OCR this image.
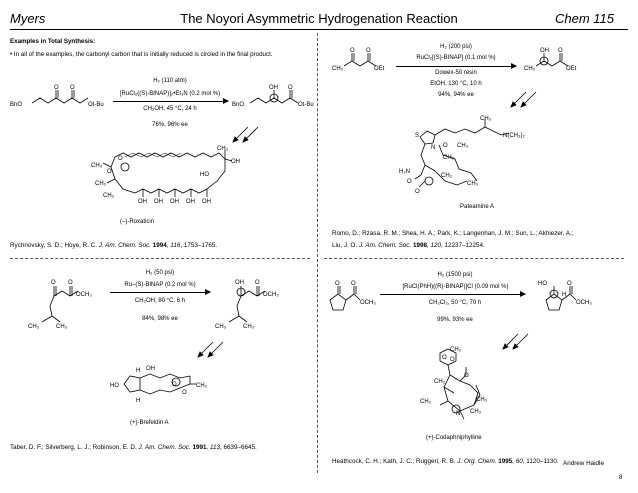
Myers	The Noyori Asymmetric Hydrogenation Reaction	Chem 115
Examples in Total Synthesis:
• In all of the examples, the carbonyl carbon that is initially reduced is circled in the final product.
BnO	Ot-Bu
O O
H₂ (110 atm)
[RuCl₂((S)-BINAP)]₂•Et₃N (0.2 mol %)
CH₃OH, 45 °C, 24 h
76%, 96% ee
BnO	Ot-Bu
OH O
CH₃
CH₃
CH₃
O
O
CH₃
OH
HO
OH OH OH OH OH
(–)-Roxaticin
Rychnovsky, S. D.; Hoye, R. C. J. Am. Chem. Soc. 1994, 116, 1753–1765.
CH₃	OEt
O O
H₂ (200 psi)
RuCl₂[(S)-BINAP] (0.1 mol %)
Dowex-50 resin
EtOH, 130 °C, 10 h
94%, 94% ee
CH₃	OEt
OH O
S
N
CH₃
N(CH₃)₂
CH₃
O
H₂N
CH₃
O
O
CH₃
CH₃
Pateamine A
Romo, D.; Rzasa, R. M.; Shea, H. A.; Park, K.; Langenhan, J. M.; Sun, L.; Akhiezer, A.;
Liu, J. O. J. Am. Chem. Soc. 1998, 120, 12237–12254.
OCH₃
CH₃	CH₃
O O
H₂ (50 psi)
Ru–(S)-BINAP (0.2 mol %)
CH₃OH, 80 °C, 6 h
84%, 98% ee
OCH₃
CH₃	CH₃
OH O
HO
H OH
H
O
O
CH₃
(+)-Brefeldin A
Taber, D. F.; Silverberg, L. J.; Robinson, E. D. J. Am. Chem. Soc. 1991, 113, 6639–6645.
O O
OCH₃
H₂ (1500 psi)
[RuCl(PhH)((R)-BINAP)]Cl (0.09 mol %)
CH₂Cl₂, 50 °C, 70 h
99%, 93% ee
HO
H
O
OCH₃
CH₃
O O
CH₃
O
CH₃	CH₃
CH₃
N
(+)-Codaphniphylline
Heathcock, C. H.; Kath, J. C.; Ruggeri, R. B. J. Org. Chem. 1995, 60, 1120–1130. Andrew Haidle
8
